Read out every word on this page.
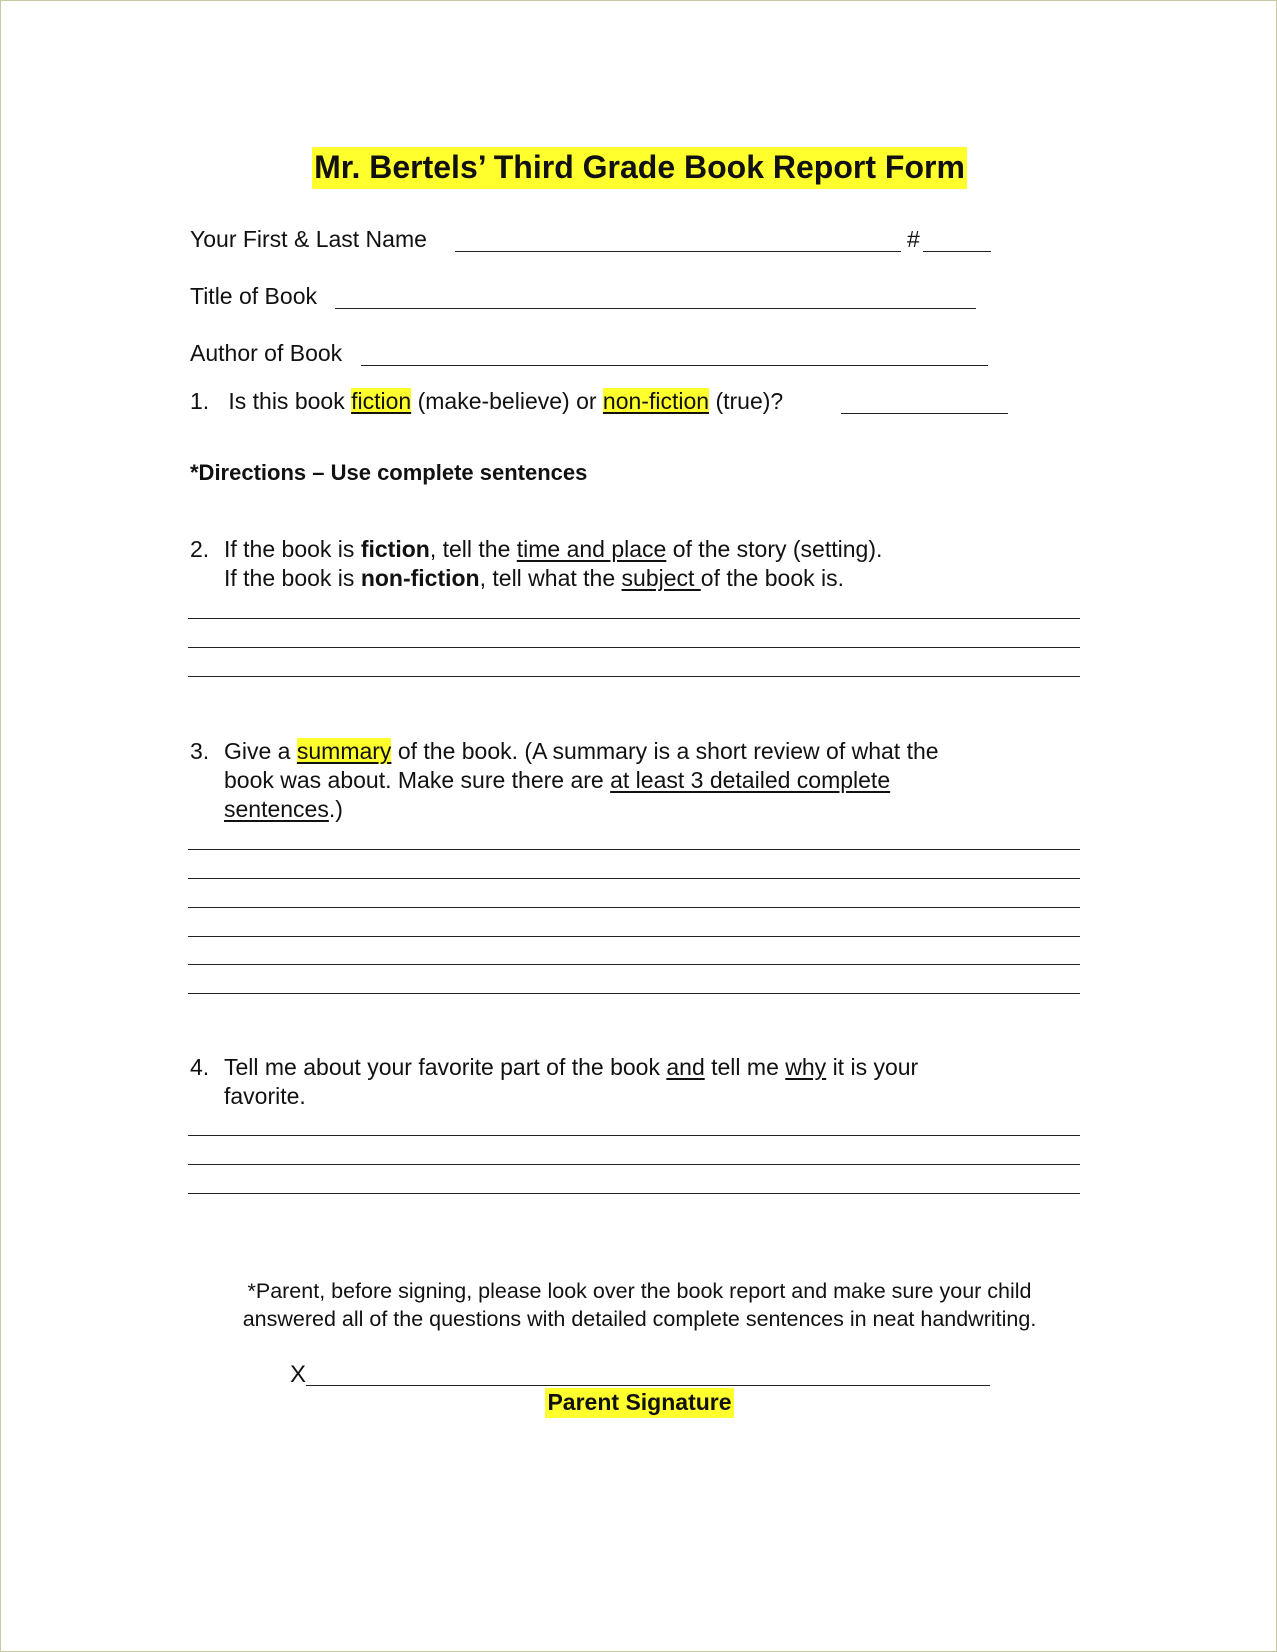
Mr. Bertels’ Third Grade Book Report Form
Your First & Last Name	#
Title of Book
Author of Book
1. Is this book fiction (make-believe) or non-fiction (true)?
*Directions – Use complete sentences
2. If the book is fiction, tell the time and place of the story (setting).
If the book is non-fiction, tell what the subject of the book is.
3. Give a summary of the book. (A summary is a short review of what the
book was about. Make sure there are at least 3 detailed complete
sentences.)
4. Tell me about your favorite part of the book and tell me why it is your
favorite.
*Parent, before signing, please look over the book report and make sure your child
answered all of the questions with detailed complete sentences in neat handwriting.
X
Parent Signature
